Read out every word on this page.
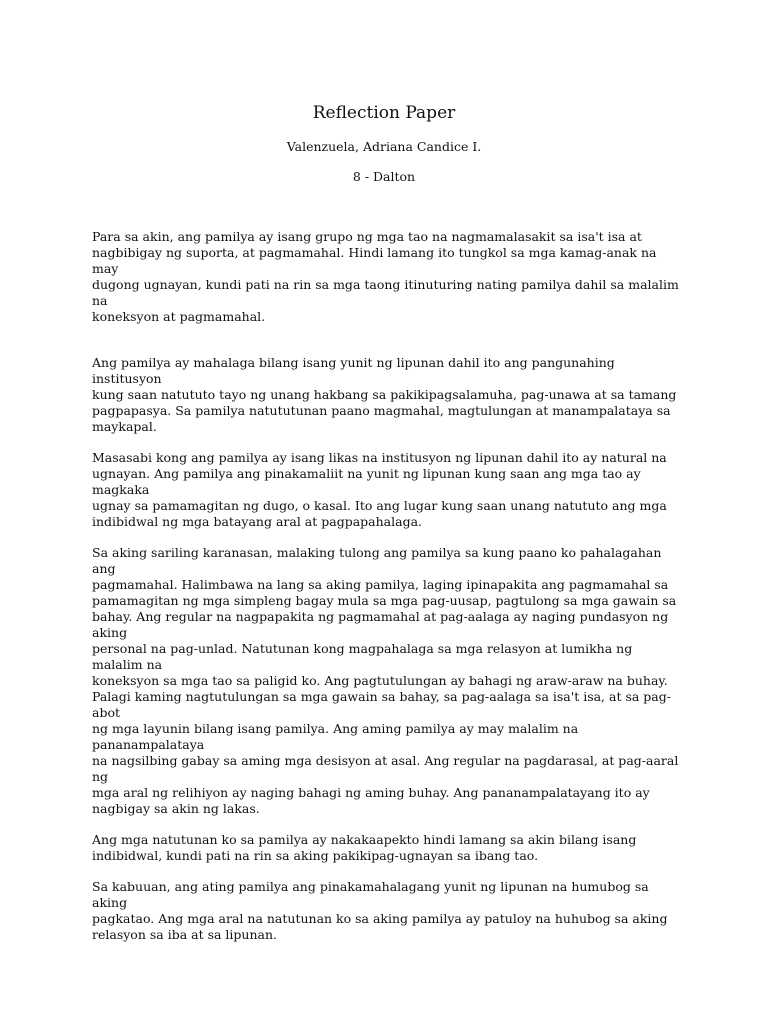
Reflection Paper
Valenzuela, Adriana Candice I.
8 - Dalton

Para sa akin, ang pamilya ay isang grupo ng mga tao na nagmamalasakit sa isa't isa at
nagbibigay ng suporta, at pagmamahal. Hindi lamang ito tungkol sa mga kamag-anak na may
dugong ugnayan, kundi pati na rin sa mga taong itinuturing nating pamilya dahil sa malalim na
koneksyon at pagmamahal.

Ang pamilya ay mahalaga bilang isang yunit ng lipunan dahil ito ang pangunahing institusyon
kung saan natututo tayo ng unang hakbang sa pakikipagsalamuha, pag-unawa at sa tamang
pagpapasya. Sa pamilya natututunan paano magmahal, magtulungan at manampalataya sa
maykapal.

Masasabi kong ang pamilya ay isang likas na institusyon ng lipunan dahil ito ay natural na
ugnayan. Ang pamilya ang pinakamaliit na yunit ng lipunan kung saan ang mga tao ay magkaka
ugnay sa pamamagitan ng dugo, o kasal. Ito ang lugar kung saan unang natututo ang mga
indibidwal ng mga batayang aral at pagpapahalaga.

Sa aking sariling karanasan, malaking tulong ang pamilya sa kung paano ko pahalagahan ang
pagmamahal. Halimbawa na lang sa aking pamilya, laging ipinapakita ang pagmamahal sa
pamamagitan ng mga simpleng bagay mula sa mga pag-uusap, pagtulong sa mga gawain sa
bahay. Ang regular na nagpapakita ng pagmamahal at pag-aalaga ay naging pundasyon ng aking
personal na pag-unlad. Natutunan kong magpahalaga sa mga relasyon at lumikha ng malalim na
koneksyon sa mga tao sa paligid ko. Ang pagtutulungan ay bahagi ng araw-araw na buhay.
Palagi kaming nagtutulungan sa mga gawain sa bahay, sa pag-aalaga sa isa't isa, at sa pag-abot
ng mga layunin bilang isang pamilya. Ang aming pamilya ay may malalim na pananampalataya
na nagsilbing gabay sa aming mga desisyon at asal. Ang regular na pagdarasal, at pag-aaral ng
mga aral ng relihiyon ay naging bahagi ng aming buhay. Ang pananampalatayang ito ay
nagbigay sa akin ng lakas.

Ang mga natutunan ko sa pamilya ay nakakaapekto hindi lamang sa akin bilang isang
indibidwal, kundi pati na rin sa aking pakikipag-ugnayan sa ibang tao.

Sa kabuuan, ang ating pamilya ang pinakamahalagang yunit ng lipunan na humubog sa aking
pagkatao. Ang mga aral na natutunan ko sa aking pamilya ay patuloy na huhubog sa aking
relasyon sa iba at sa lipunan.
